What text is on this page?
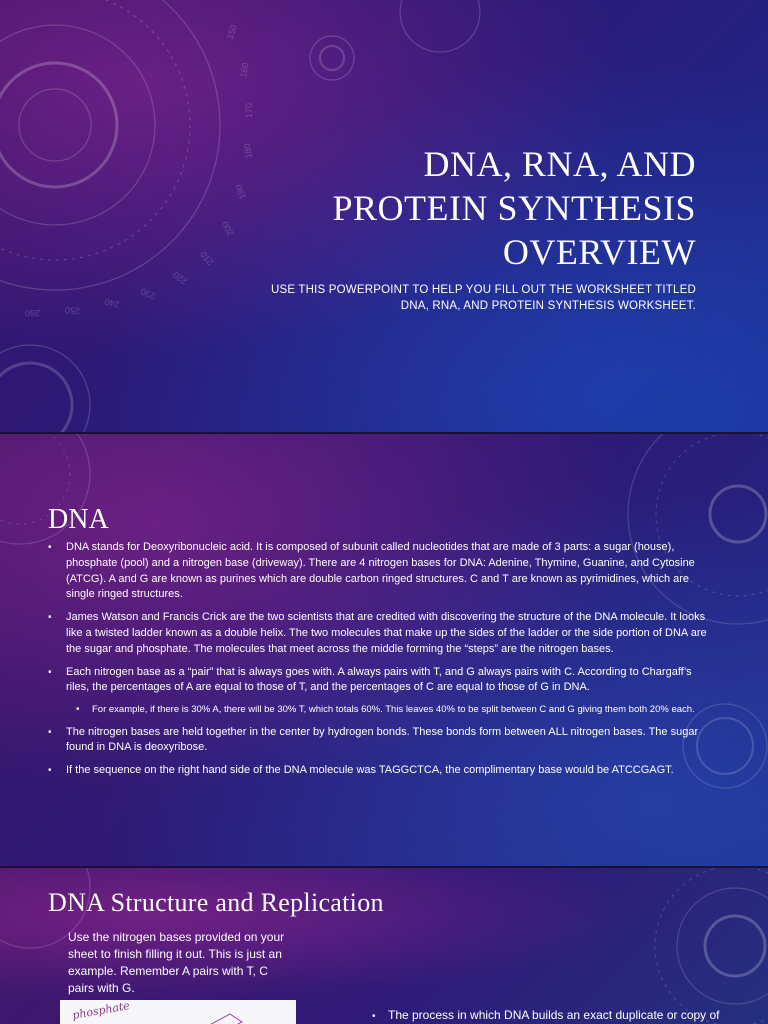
150
160
170
180
190
200
210
220
230
240
250
260
DNA, RNA, AND
PROTEIN SYNTHESIS
OVERVIEW
USE THIS POWERPOINT TO HELP YOU FILL OUT THE WORKSHEET TITLED
DNA, RNA, AND PROTEIN SYNTHESIS WORKSHEET.
DNA
• DNA stands for Deoxyribonucleic acid. It is composed of subunit called nucleotides that are made of 3 parts: a sugar (house), phosphate (pool) and a nitrogen base (driveway). There are 4 nitrogen bases for DNA: Adenine, Thymine, Guanine, and Cytosine (ATCG). A and G are known as purines which are double carbon ringed structures. C and T are known as pyrimidines, which are single ringed structures.
• James Watson and Francis Crick are the two scientists that are credited with discovering the structure of the DNA molecule. It looks like a twisted ladder known as a double helix. The two molecules that make up the sides of the ladder or the side portion of DNA are the sugar and phosphate. The molecules that meet across the middle forming the “steps” are the nitrogen bases.
• Each nitrogen base as a “pair” that is always goes with. A always pairs with T, and G always pairs with C. According to Chargaff’s riles, the percentages of A are equal to those of T, and the percentages of C are equal to those of G in DNA.
• For example, if there is 30% A, there will be 30% T, which totals 60%. This leaves 40% to be split between C and G giving them both 20% each.
• The nitrogen bases are held together in the center by hydrogen bonds. These bonds form between ALL nitrogen bases. The sugar found in DNA is deoxyribose.
• If the sequence on the right hand side of the DNA molecule was TAGGCTCA, the complimentary base would be ATCCGAGT.
DNA Structure and Replication
Use the nitrogen bases provided on your sheet to finish filling it out. This is just an example. Remember A pairs with T, C pairs with G.
phosphate	• The process in which DNA builds an exact duplicate or copy of
